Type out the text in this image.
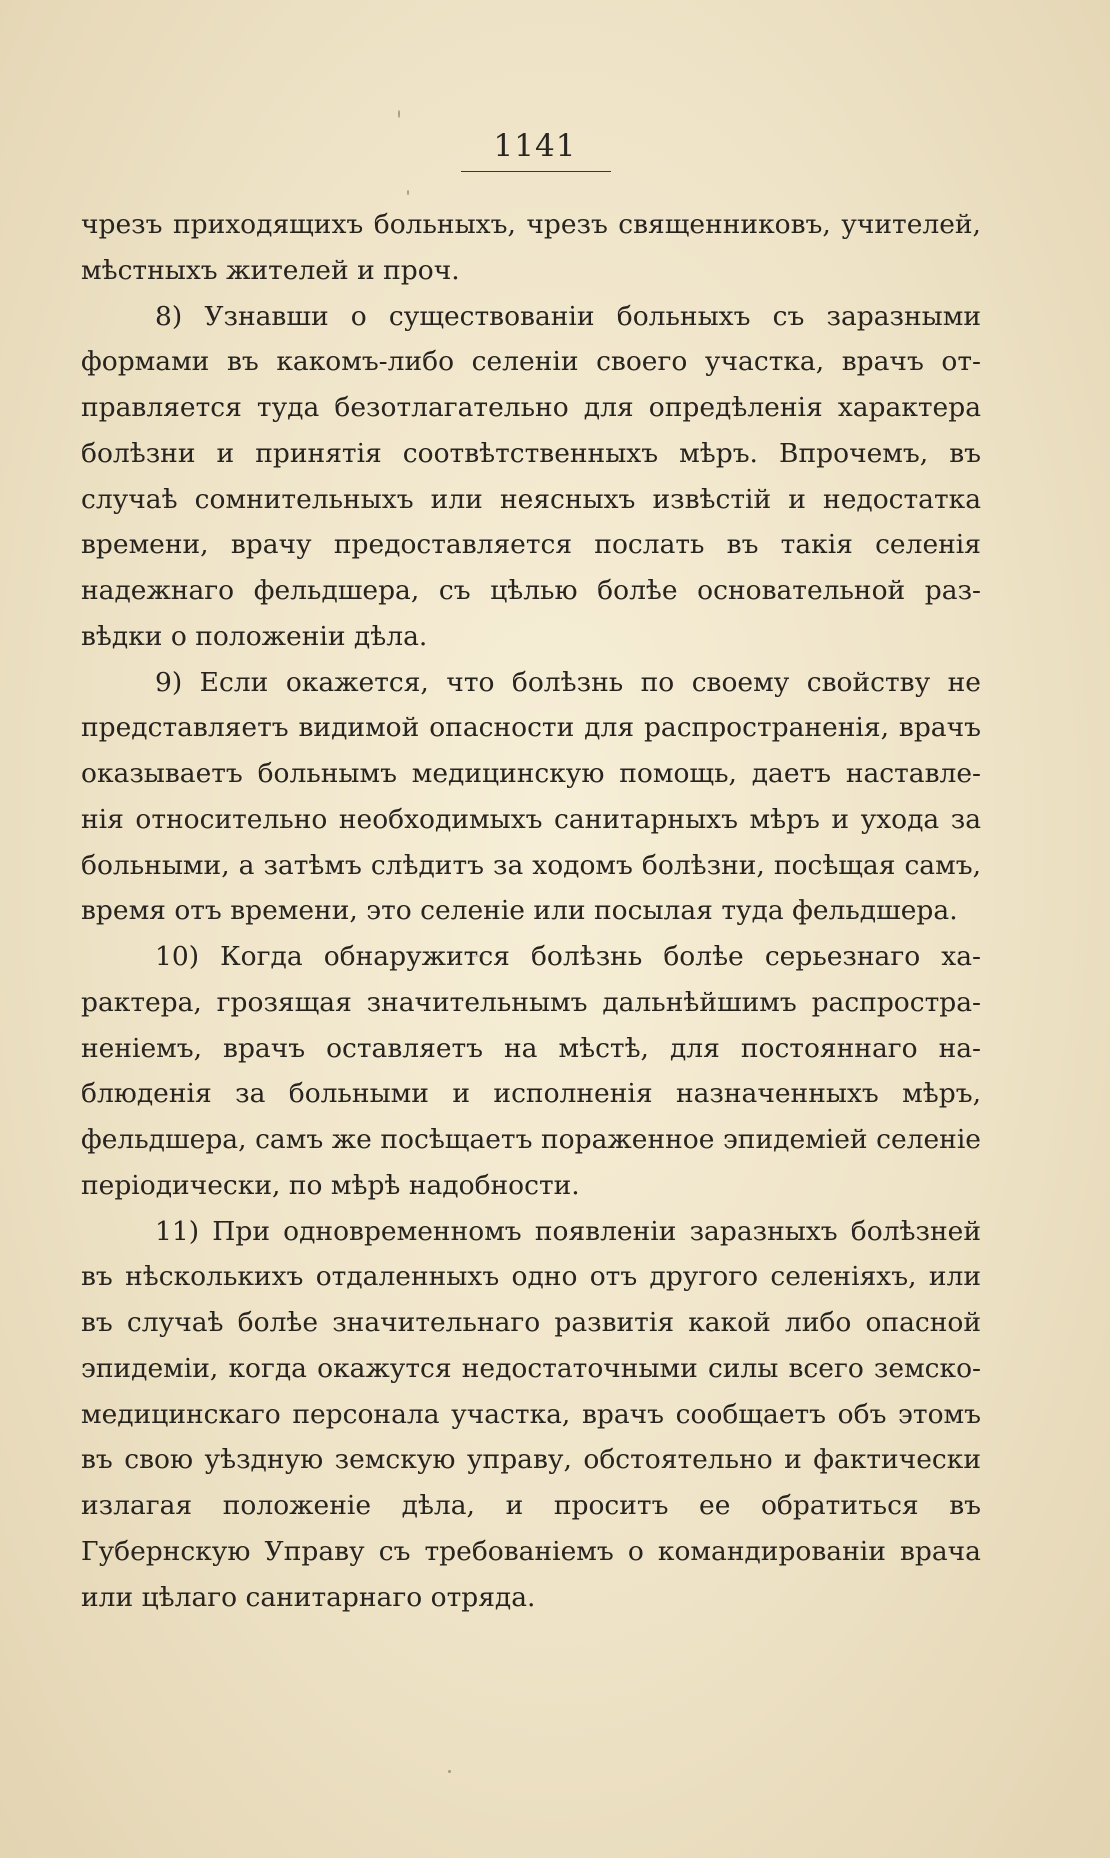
1141

чрезъ приходящихъ больныхъ, чрезъ священниковъ, учителей, мѣстныхъ жителей и проч.

8) Узнавши о существованіи больныхъ съ заразными формами въ какомъ-либо селеніи своего участка, врачъ отправляется туда безотлагательно для опредѣленія характера болѣзни и принятія соотвѣтственныхъ мѣръ. Впрочемъ, въ случаѣ сомнительныхъ или неясныхъ извѣстій и недостатка времени, врачу предоставляется послать въ такія селенія надежнаго фельдшера, съ цѣлью болѣе основательной развѣдки о положеніи дѣла.

9) Если окажется, что болѣзнь по своему свойству не представляетъ видимой опасности для распространенія, врачъ оказываетъ больнымъ медицинскую помощь, даетъ наставленія относительно необходимыхъ санитарныхъ мѣръ и ухода за больными, а затѣмъ слѣдитъ за ходомъ болѣзни, посѣщая самъ, время отъ времени, это селеніе или посылая туда фельдшера.

10) Когда обнаружится болѣзнь болѣе серьезнаго характера, грозящая значительнымъ дальнѣйшимъ распространеніемъ, врачъ оставляетъ на мѣстѣ, для постояннаго наблюденія за больными и исполненія назначенныхъ мѣръ, фельдшера, самъ же посѣщаетъ пораженное эпидеміей селеніе періодически, по мѣрѣ надобности.

11) При одновременномъ появленіи заразныхъ болѣзней въ нѣсколькихъ отдаленныхъ одно отъ другого селеніяхъ, или въ случаѣ болѣе значительнаго развитія какой либо опасной эпидеміи, когда окажутся недостаточными силы всего земско-медицинскаго персонала участка, врачъ сообщаетъ объ этомъ въ свою уѣздную земскую управу, обстоятельно и фактически излагая положеніе дѣла, и проситъ ее обратиться въ Губернскую Управу съ требованіемъ о командированіи врача или цѣлаго санитарнаго отряда.
